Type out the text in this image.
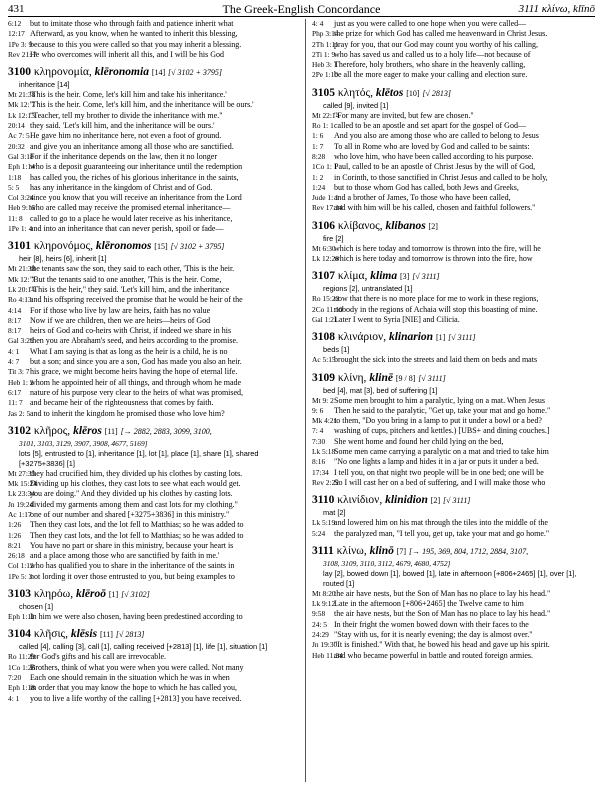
431	The Greek-English Concordance	3111 κλίνω, klīnō
6:12 but to imitate those who through faith and patience inherit what
12:17 Afterward, as you know, when he wanted to inherit this blessing,
1Pe 3: 9because to this you were called so that you may inherit a blessing.
Rev 21: 7He who overcomes will inherit all this, and I will be his God
3100 κληρονομία, klēronomia [14] [√ 3102 + 3795]
inheritance [14]
Mt 21:38'This is the heir. Come, let's kill him and take his inheritance.'
Mk 12: 7'This is the heir. Come, let's kill him, and the inheritance will be ours.'
Lk 12:13"Teacher, tell my brother to divide the inheritance with me."
20:14 they said. 'Let's kill him, and the inheritance will be ours.'
Ac 7: 5He gave him no inheritance here, not even a foot of ground.
20:32 and give you an inheritance among all those who are sanctified.
Gal 3:18For if the inheritance depends on the law, then it no longer
Eph 1:14who is a deposit guaranteeing our inheritance until the redemption
1:18 has called you, the riches of his glorious inheritance in the saints,
5: 5 has any inheritance in the kingdom of Christ and of God.
Col 3:24since you know that you will receive an inheritance from the Lord
Heb 9:15who are called may receive the promised eternal inheritance—
11: 8 called to go to a place he would later receive as his inheritance,
1Pe 1: 4and into an inheritance that can never perish, spoil or fade—
3101 κληρονόμος, klēronomos [15] [√ 3102 + 3795]
heir [8], heirs [6], inherit [1]
Mt 21:38the tenants saw the son, they said to each other, 'This is the heir.
Mk 12: 7"But the tenants said to one another, 'This is the heir. Come,
Lk 20:14"This is the heir," they said. 'Let's kill him, and the inheritance
Ro 4:13and his offspring received the promise that he would be heir of the
4:14 For if those who live by law are heirs, faith has no value
8:17 Now if we are children, then we are heirs—heirs of God
8:17 heirs of God and co-heirs with Christ, if indeed we share in his
Gal 3:29then you are Abraham's seed, and heirs according to the promise.
4: 1 What I am saying is that as long as the heir is a child, he is no
4: 7 but a son; and since you are a son, God has made you also an heir.
Tit 3: 7his grace, we might become heirs having the hope of eternal life.
Heb 1: 2whom he appointed heir of all things, and through whom he made
6:17 nature of his purpose very clear to the heirs of what was promised,
11: 7 and became heir of the righteousness that comes by faith.
Jas 2: 5and to inherit the kingdom he promised those who love him?
3102 κλῆρος, klēros [11] [→ 2882, 2883, 3099, 3100,
3101, 3103, 3129, 3907, 3908, 4677, 5169]
lots [5], entrusted to [1], inheritance [1], lot [1], place [1], share [1], shared [+3275+3836] [1]
Mt 27:35they had crucified him, they divided up his clothes by casting lots.
Mk 15:24Dividing up his clothes, they cast lots to see what each would get.
Lk 23:34you are doing." And they divided up his clothes by casting lots.
Jn 19:24divided my garments among them and cast lots for my clothing."
Ac 1:17one of our number and shared [+3275+3836] in this ministry."
1:26 Then they cast lots, and the lot fell to Matthias; so he was added to
1:26 Then they cast lots, and the lot fell to Matthias; so he was added to
8:21 You have no part or share in this ministry, because your heart is
26:18 and a place among those who are sanctified by faith in me.'
Col 1:12who has qualified you to share in the inheritance of the saints in
1Pe 5: 3not lording it over those entrusted to you, but being examples to
3103 κληρόω, klēroō [1] [√ 3102]
chosen [1]
Eph 1:11In him we were also chosen, having been predestined according to
3104 κλῆσις, klēsis [11] [√ 2813]
called [4], calling [3], call [1], calling received [+2813] [1], life [1], situation [1]
Ro 11:29for God's gifts and his call are irrevocable.
1Co 1:26Brothers, think of what you were when you were called. Not many
7:20 Each one should remain in the situation which he was in when
Eph 1:18in order that you may know the hope to which he has called you,
4: 1 you to live a life worthy of the calling [+2813] you have received.
4: 4 just as you were called to one hope when you were called—
Php 3:14the prize for which God has called me heavenward in Christ Jesus.
2Th 1:11pray for you, that our God may count you worthy of his calling,
2Ti 1: 9who has saved us and called us to a holy life—not because of
Heb 3: 1Therefore, holy brothers, who share in the heavenly calling,
2Pe 1:10be all the more eager to make your calling and election sure.
3105 κλητός, klētos [10] [√ 2813]
called [9], invited [1]
Mt 22:14"For many are invited, but few are chosen."
Ro 1: 1called to be an apostle and set apart for the gospel of God—
1: 6 And you also are among those who are called to belong to Jesus
1: 7 To all in Rome who are loved by God and called to be saints:
8:28 who love him, who have been called according to his purpose.
1Co 1: 1Paul, called to be an apostle of Christ Jesus by the will of God,
1: 2 in Corinth, to those sanctified in Christ Jesus and called to be holy,
1:24 but to those whom God has called, both Jews and Greeks,
Jude 1: 1and a brother of James, To those who have been called,
Rev 17:14and with him will be his called, chosen and faithful followers."
3106 κλίβανος, klibanos [2]
fire [2]
Mt 6:30which is here today and tomorrow is thrown into the fire, will he
Lk 12:28which is here today and tomorrow is thrown into the fire, how
3107 κλίμα, klima [3] [√ 3111]
regions [2], untranslated [1]
Ro 15:23now that there is no more place for me to work in these regions,
2Co 11:10nobody in the regions of Achaia will stop this boasting of mine.
Gal 1:21Later I went to Syria [NIE] and Cilicia.
3108 κλινάριον, klinarion [1] [√ 3111]
beds [1]
Ac 5:15brought the sick into the streets and laid them on beds and mats
3109 κλίνη, klinē [9 / 8] [√ 3111]
bed [4], mat [3], bed of suffering [1]
Mt 9: 2Some men brought to him a paralytic, lying on a mat. When Jesus
9: 6 Then he said to the paralytic, "Get up, take your mat and go home."
Mk 4:21to them, "Do you bring in a lamp to put it under a bowl or a bed?
7: 4 washing of cups, pitchers and kettles.) [UBS+ and dining couches.]
7:30 She went home and found her child lying on the bed,
Lk 5:18Some men came carrying a paralytic on a mat and tried to take him
8:16 "No one lights a lamp and hides it in a jar or puts it under a bed.
17:34 I tell you, on that night two people will be in one bed; one will be
Rev 2:22So I will cast her on a bed of suffering, and I will make those who
3110 κλινίδιον, klinidion [2] [√ 3111]
mat [2]
Lk 5:19and lowered him on his mat through the tiles into the middle of the
5:24 the paralyzed man, "I tell you, get up, take your mat and go home."
3111 κλίνω, klinō [7] [→ 195, 369, 804, 1712, 2884, 3107,
3108, 3109, 3110, 3112, 4679, 4680, 4752]
lay [2], bowed down [1], bowed [1], late in afternoon [+806+2465] [1], over [1], routed [1]
Mt 8:20the air have nests, but the Son of Man has no place to lay his head."
Lk 9:12Late in the afternoon [+806+2465] the Twelve came to him
9:58 the air have nests, but the Son of Man has no place to lay his head."
24: 5 In their fright the women bowed down with their faces to the
24:29 "Stay with us, for it is nearly evening; the day is almost over."
Jn 19:30"It is finished." With that, he bowed his head and gave up his spirit.
Heb 11:34and who became powerful in battle and routed foreign armies.
